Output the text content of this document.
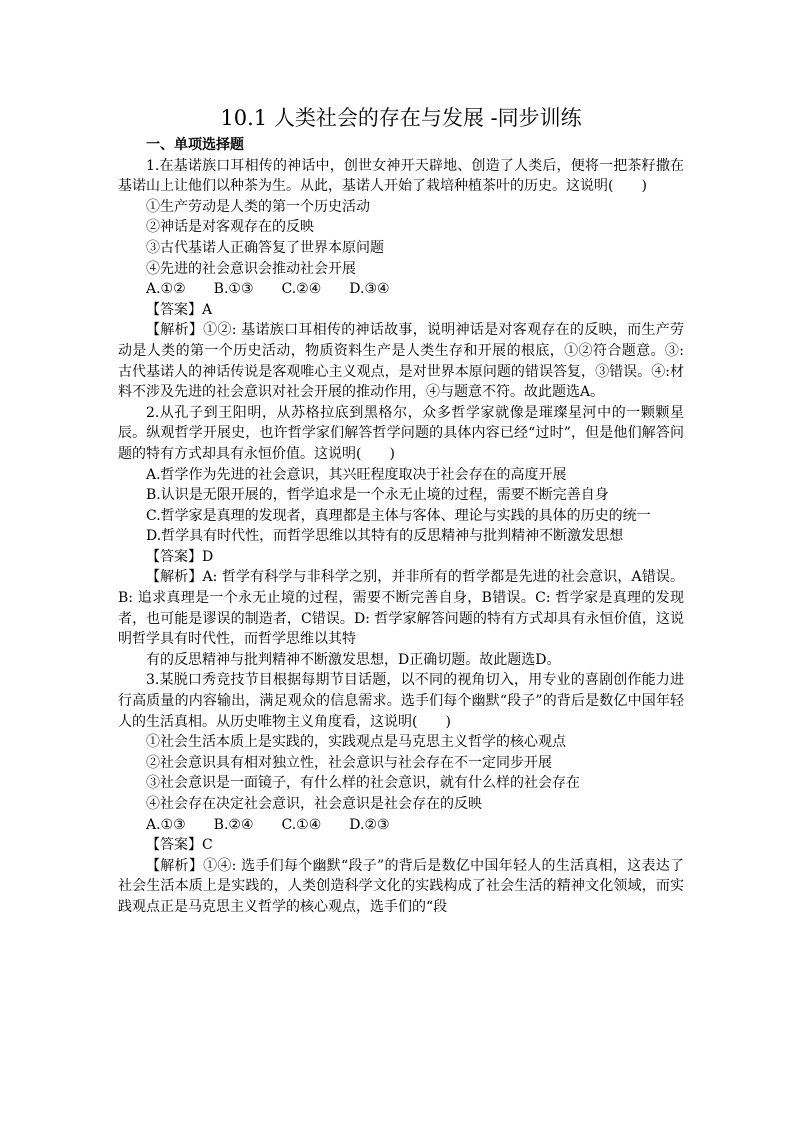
10.1 人类社会的存在与发展 -同步训练

一、单项选择题

1.在基诺族口耳相传的神话中，创世女神开天辟地、创造了人类后，便将一把茶籽撒在基诺山上让他们以种茶为生。从此，基诺人开始了栽培种植茶叶的历史。这说明(　　)

①生产劳动是人类的第一个历史活动

②神话是对客观存在的反映

③古代基诺人正确答复了世界本原问题

④先进的社会意识会推动社会开展

A.①②　　B.①③　　C.②④　　D.③④

【答案】A

【解析】①②: 基诺族口耳相传的神话故事，说明神话是对客观存在的反映，而生产劳动是人类的第一个历史活动，物质资料生产是人类生存和开展的根底，①②符合题意。③: 古代基诺人的神话传说是客观唯心主义观点，是对世界本原问题的错误答复，③错误。④:材料不涉及先进的社会意识对社会开展的推动作用，④与题意不符。故此题选A。

2.从孔子到王阳明，从苏格拉底到黑格尔，众多哲学家就像是璀璨星河中的一颗颗星辰。纵观哲学开展史，也许哲学家们解答哲学问题的具体内容已经“过时”，但是他们解答问题的特有方式却具有永恒价值。这说明(　　)

A.哲学作为先进的社会意识，其兴旺程度取决于社会存在的高度开展

B.认识是无限开展的，哲学追求是一个永无止境的过程，需要不断完善自身

C.哲学家是真理的发现者，真理都是主体与客体、理论与实践的具体的历史的统一

D.哲学具有时代性，而哲学思维以其特有的反思精神与批判精神不断激发思想

【答案】D

【解析】A: 哲学有科学与非科学之别，并非所有的哲学都是先进的社会意识，A错误。B: 追求真理是一个永无止境的过程，需要不断完善自身，B错误。C: 哲学家是真理的发现者，也可能是谬误的制造者，C错误。D: 哲学家解答问题的特有方式却具有永恒价值，这说明哲学具有时代性，而哲学思维以其特

有的反思精神与批判精神不断激发思想，D正确切题。故此题选D。

3.某脱口秀竞技节目根据每期节目话题，以不同的视角切入，用专业的喜剧创作能力进行高质量的内容输出，满足观众的信息需求。选手们每个幽默“段子”的背后是数亿中国年轻人的生活真相。从历史唯物主义角度看，这说明(　　)

①社会生活本质上是实践的，实践观点是马克思主义哲学的核心观点

②社会意识具有相对独立性，社会意识与社会存在不一定同步开展

③社会意识是一面镜子，有什么样的社会意识，就有什么样的社会存在

④社会存在决定社会意识，社会意识是社会存在的反映

A.①③　　B.②④　　C.①④　　D.②③

【答案】C

【解析】①④: 选手们每个幽默“段子”的背后是数亿中国年轻人的生活真相，这表达了社会生活本质上是实践的，人类创造科学文化的实践构成了社会生活的精神文化领域，而实践观点正是马克思主义哲学的核心观点，选手们的“段
